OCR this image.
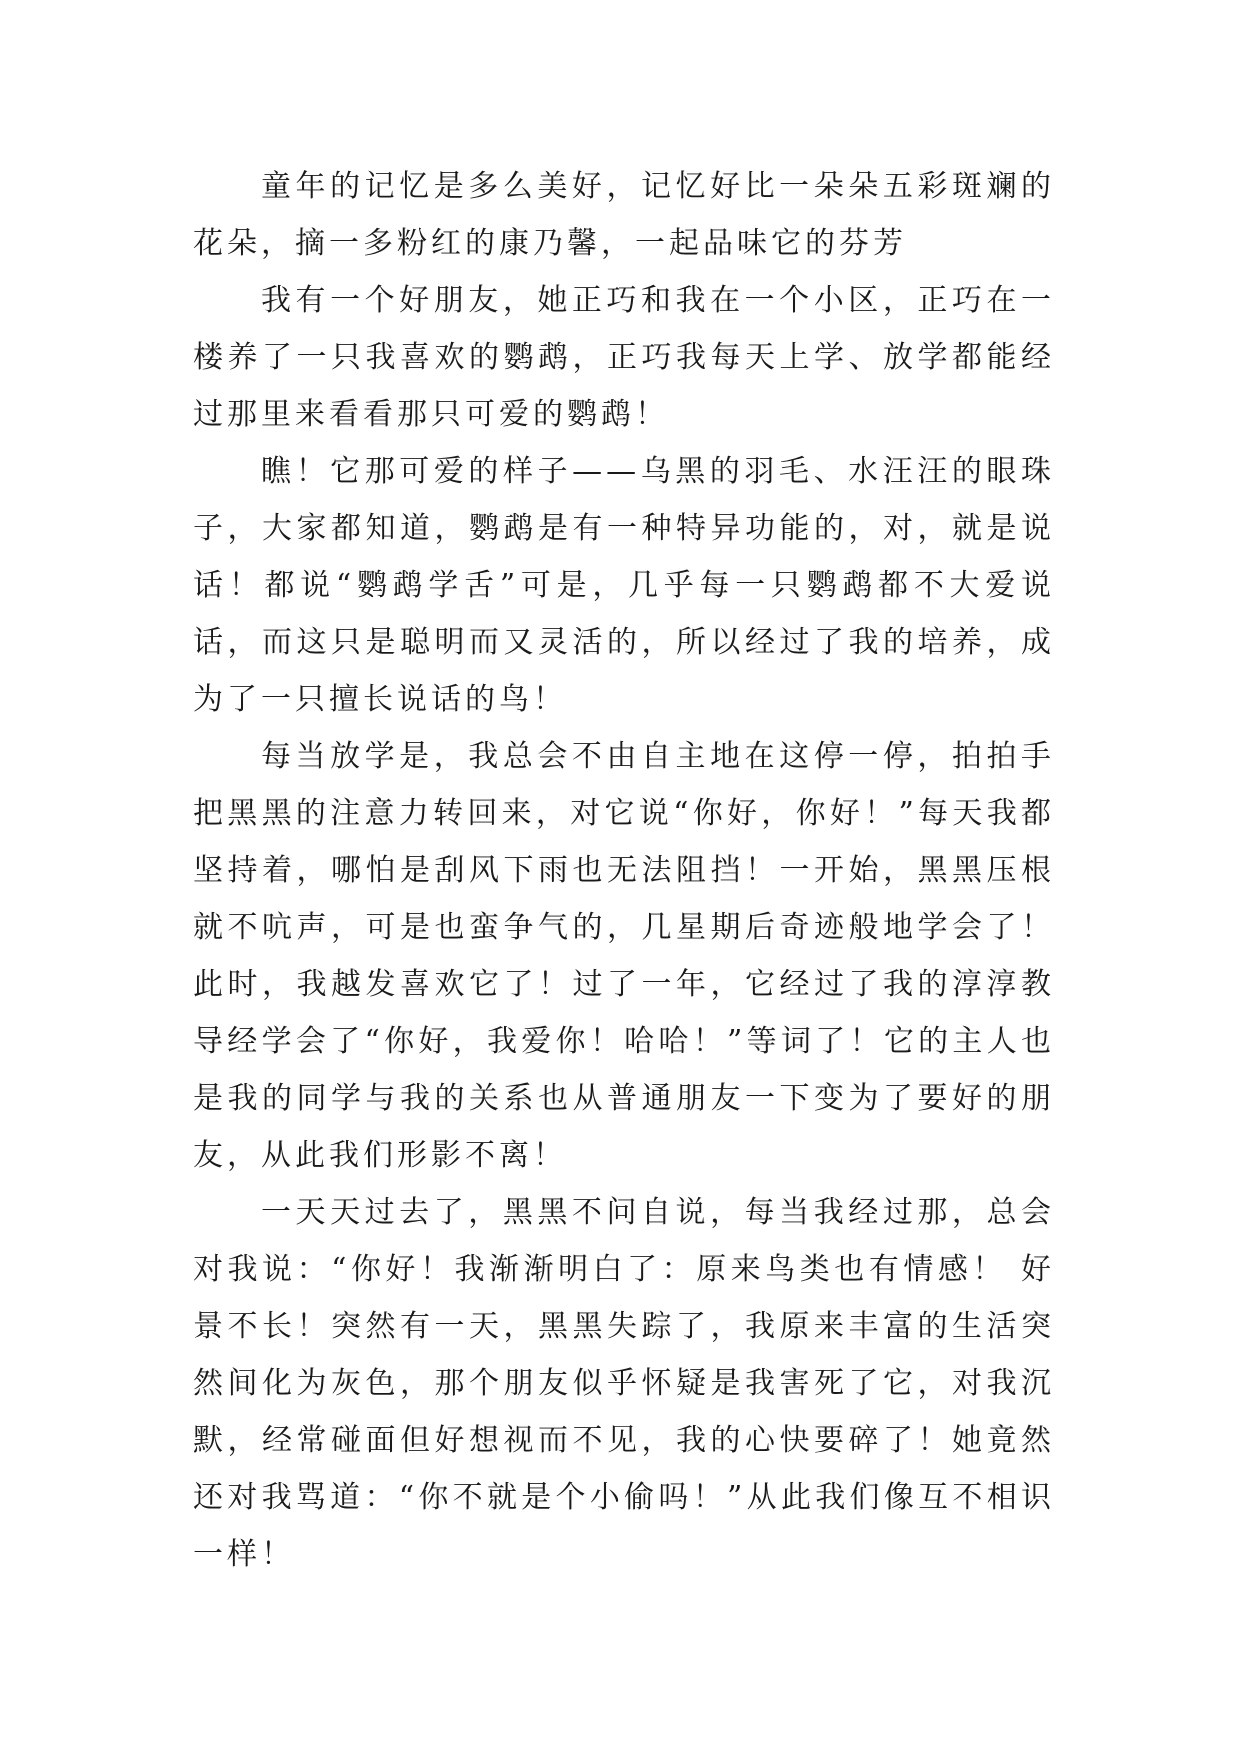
童年的记忆是多么美好，记忆好比一朵朵五彩斑斓的花朵，摘一多粉红的康乃馨，一起品味它的芬芳

我有一个好朋友，她正巧和我在一个小区，正巧在一楼养了一只我喜欢的鹦鹉，正巧我每天上学、放学都能经过那里来看看那只可爱的鹦鹉！

瞧！它那可爱的样子——乌黑的羽毛、水汪汪的眼珠子，大家都知道，鹦鹉是有一种特异功能的，对，就是说话！都说“鹦鹉学舌”可是，几乎每一只鹦鹉都不大爱说话，而这只是聪明而又灵活的，所以经过了我的培养，成为了一只擅长说话的鸟！

每当放学是，我总会不由自主地在这停一停，拍拍手把黑黑的注意力转回来，对它说“你好，你好！”每天我都坚持着，哪怕是刮风下雨也无法阻挡！一开始，黑黑压根就不吭声，可是也蛮争气的，几星期后奇迹般地学会了！此时，我越发喜欢它了！过了一年，它经过了我的淳淳教导经学会了“你好，我爱你！哈哈！”等词了！它的主人也是我的同学与我的关系也从普通朋友一下变为了要好的朋友，从此我们形影不离！

一天天过去了，黑黑不问自说，每当我经过那，总会对我说：“你好！我渐渐明白了：原来鸟类也有情感！ 好景不长！突然有一天，黑黑失踪了，我原来丰富的生活突然间化为灰色，那个朋友似乎怀疑是我害死了它，对我沉默，经常碰面但好想视而不见，我的心快要碎了！她竟然还对我骂道：“你不就是个小偷吗！”从此我们像互不相识一样！
